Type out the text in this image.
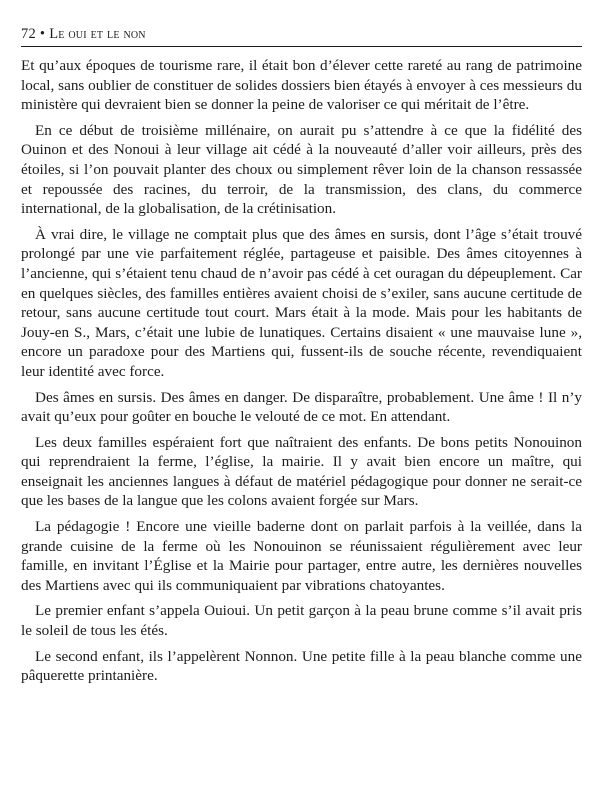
72 • Le oui et le non

Et qu’aux époques de tourisme rare, il était bon d’élever cette rareté au rang de patrimoine local, sans oublier de constituer de solides dossiers bien étayés à envoyer à ces messieurs du ministère qui devraient bien se donner la peine de valoriser ce qui méritait de l’être.

En ce début de troisième millénaire, on aurait pu s’attendre à ce que la fidélité des Ouinon et des Nonoui à leur village ait cédé à la nouveauté d’aller voir ailleurs, près des étoiles, si l’on pouvait planter des choux ou simplement rêver loin de la chanson ressassée et repoussée des racines, du terroir, de la transmission, des clans, du commerce international, de la globalisation, de la crétinisation.

À vrai dire, le village ne comptait plus que des âmes en sursis, dont l’âge s’était trouvé prolongé par une vie parfaitement réglée, partageuse et paisible. Des âmes citoyennes à l’ancienne, qui s’étaient tenu chaud de n’avoir pas cédé à cet ouragan du dépeuplement. Car en quelques siècles, des familles entières avaient choisi de s’exiler, sans aucune certitude de retour, sans aucune certitude tout court. Mars était à la mode. Mais pour les habitants de Jouy-en S., Mars, c’était une lubie de lunatiques. Certains disaient « une mauvaise lune », encore un paradoxe pour des Martiens qui, fussent-ils de souche récente, revendiquaient leur identité avec force.

Des âmes en sursis. Des âmes en danger. De disparaître, probablement. Une âme ! Il n’y avait qu’eux pour goûter en bouche le velouté de ce mot. En attendant.

Les deux familles espéraient fort que naîtraient des enfants. De bons petits Nonouinon qui reprendraient la ferme, l’église, la mairie. Il y avait bien encore un maître, qui enseignait les anciennes langues à défaut de matériel pédagogique pour donner ne serait-ce que les bases de la langue que les colons avaient forgée sur Mars.

La pédagogie ! Encore une vieille baderne dont on parlait parfois à la veillée, dans la grande cuisine de la ferme où les Nonouinon se réunissaient régulièrement avec leur famille, en invitant l’Église et la Mairie pour partager, entre autre, les dernières nouvelles des Martiens avec qui ils communiquaient par vibrations chatoyantes.

Le premier enfant s’appela Ouioui. Un petit garçon à la peau brune comme s’il avait pris le soleil de tous les étés.

Le second enfant, ils l’appelèrent Nonnon. Une petite fille à la peau blanche comme une pâquerette printanière.
